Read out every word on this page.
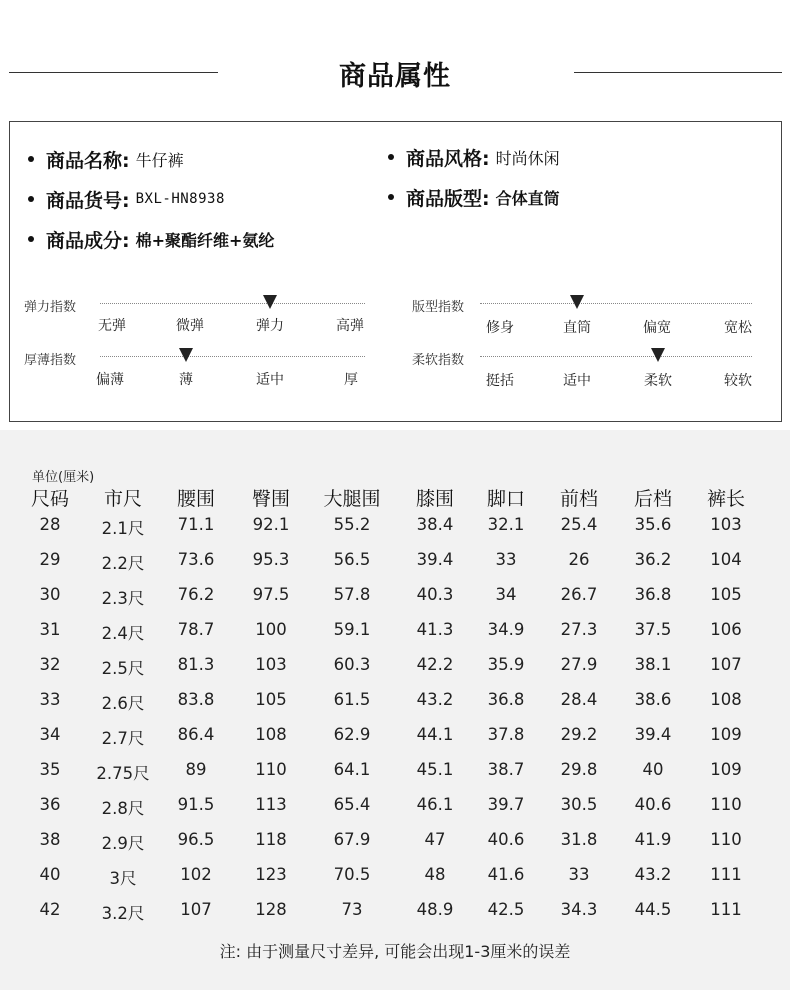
商品属性
商品名称: 牛仔裤	商品风格: 时尚休闲
商品货号: BXL-HN8938	商品版型: 合体直筒
商品成分: 棉+聚酯纤维+氨纶
弹力指数
无弹	微弹	弹力	高弹
厚薄指数
偏薄	薄	适中	厚
版型指数
修身	直筒	偏宽	宽松
柔软指数
挺括	适中	柔软	较软
单位(厘米)
尺码 市尺 腰围 臀围 大腿围 膝围 脚口 前档 后档 裤长
28 2.1尺 71.1 92.1	55.2	38.4 32.1 25.4 35.6 103
29 2.2尺 73.6 95.3	56.5	39.4	33	26	36.2 104
30 2.3尺 76.2 97.5	57.8	40.3	34	26.7 36.8 105
31 2.4尺 78.7 100	59.1	41.3 34.9 27.3 37.5 106
32 2.5尺 81.3 103	60.3	42.2 35.9 27.9 38.1 107
33 2.6尺 83.8 105	61.5	43.2 36.8 28.4 38.6 108
34 2.7尺 86.4 108	62.9	44.1 37.8 29.2 39.4 109
35 2.75尺 89	110	64.1	45.1 38.7 29.8	40	109
36 2.8尺 91.5 113	65.4	46.1 39.7 30.5 40.6 110
38 2.9尺 96.5 118	67.9	47	40.6 31.8 41.9 110
40	3尺	102	123	70.5	48	41.6	33	43.2 111
42 3.2尺 107	128	73	48.9 42.5 34.3 44.5 111
注: 由于测量尺寸差异, 可能会出现1-3厘米的误差
